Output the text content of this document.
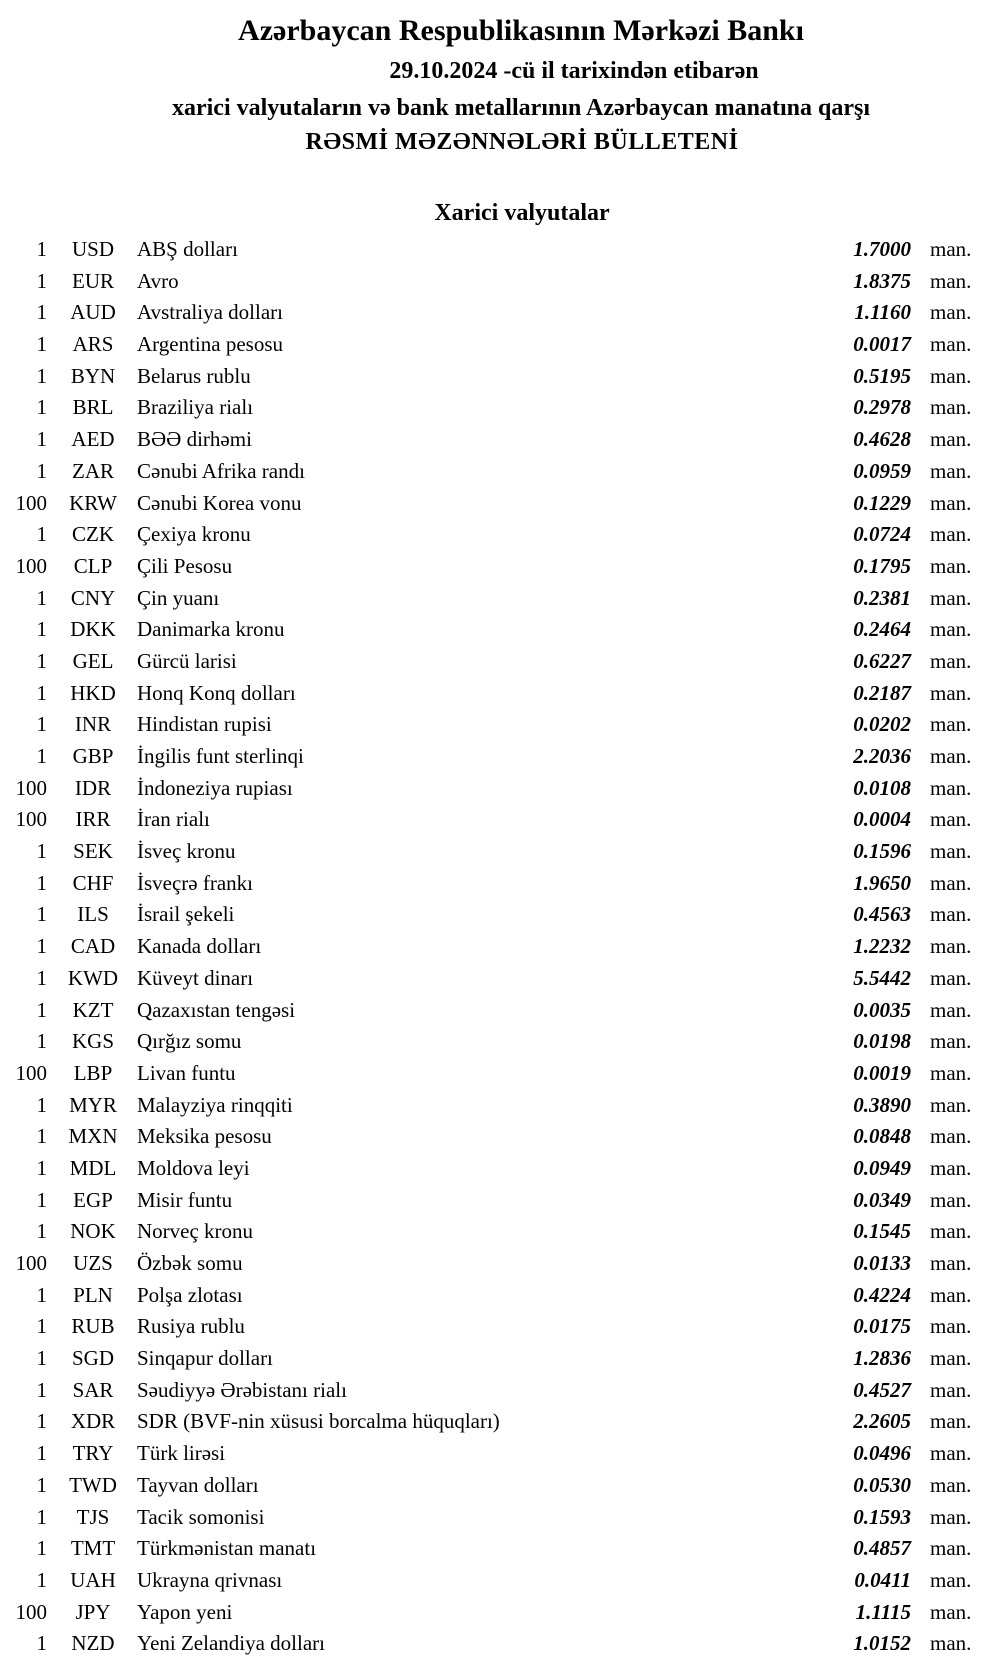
Azərbaycan Respublikasının Mərkəzi Bankı
29.10.2024 -cü il tarixindən etibarən
xarici valyutaların və bank metallarının Azərbaycan manatına qarşı
RƏSMİ MƏZƏNNƏLƏRİ BÜLLETENİ
Xarici valyutalar
1	USD	ABŞ dolları	1.7000 man.
1	EUR	Avro	1.8375 man.
1	AUD	Avstraliya dolları	1.1160 man.
1	ARS	Argentina pesosu	0.0017 man.
1	BYN	Belarus rublu	0.5195 man.
1	BRL	Braziliya rialı	0.2978 man.
1	AED	BƏƏ dirhəmi	0.4628 man.
1	ZAR	Cənubi Afrika randı	0.0959 man.
100	KRW Cənubi Korea vonu	0.1229 man.
1	CZK	Çexiya kronu	0.0724 man.
100	CLP	Çili Pesosu	0.1795 man.
1	CNY	Çin yuanı	0.2381 man.
1	DKK	Danimarka kronu	0.2464 man.
1	GEL	Gürcü larisi	0.6227 man.
1	HKD	Honq Konq dolları	0.2187 man.
1	INR	Hindistan rupisi	0.0202 man.
1	GBP	İngilis funt sterlinqi	2.2036 man.
100	IDR	İndoneziya rupiası	0.0108 man.
100	IRR	İran rialı	0.0004 man.
1	SEK	İsveç kronu	0.1596 man.
1	CHF	İsveçrə frankı	1.9650 man.
1	ILS	İsrail şekeli	0.4563 man.
1	CAD	Kanada dolları	1.2232 man.
1 KWD Küveyt dinarı	5.5442 man.
1	KZT	Qazaxıstan tengəsi	0.0035 man.
1	KGS	Qırğız somu	0.0198 man.
100	LBP	Livan funtu	0.0019 man.
1	MYR Malayziya rinqqiti	0.3890 man.
1	MXN Meksika pesosu	0.0848 man.
1	MDL Moldova leyi	0.0949 man.
1	EGP	Misir funtu	0.0349 man.
1	NOK	Norveç kronu	0.1545 man.
100	UZS	Özbək somu	0.0133 man.
1	PLN	Polşa zlotası	0.4224 man.
1	RUB	Rusiya rublu	0.0175 man.
1	SGD	Sinqapur dolları	1.2836 man.
1	SAR	Səudiyyə Ərəbistanı rialı	0.4527 man.
1	XDR	SDR (BVF-nin xüsusi borcalma hüquqları)	2.2605 man.
1	TRY	Türk lirəsi	0.0496 man.
1	TWD Tayvan dolları	0.0530 man.
1	TJS	Tacik somonisi	0.1593 man.
1	TMT	Türkmənistan manatı	0.4857 man.
1	UAH	Ukrayna qrivnası	0.0411 man.
100	JPY	Yapon yeni	1.1115 man.
1	NZD	Yeni Zelandiya dolları	1.0152 man.
